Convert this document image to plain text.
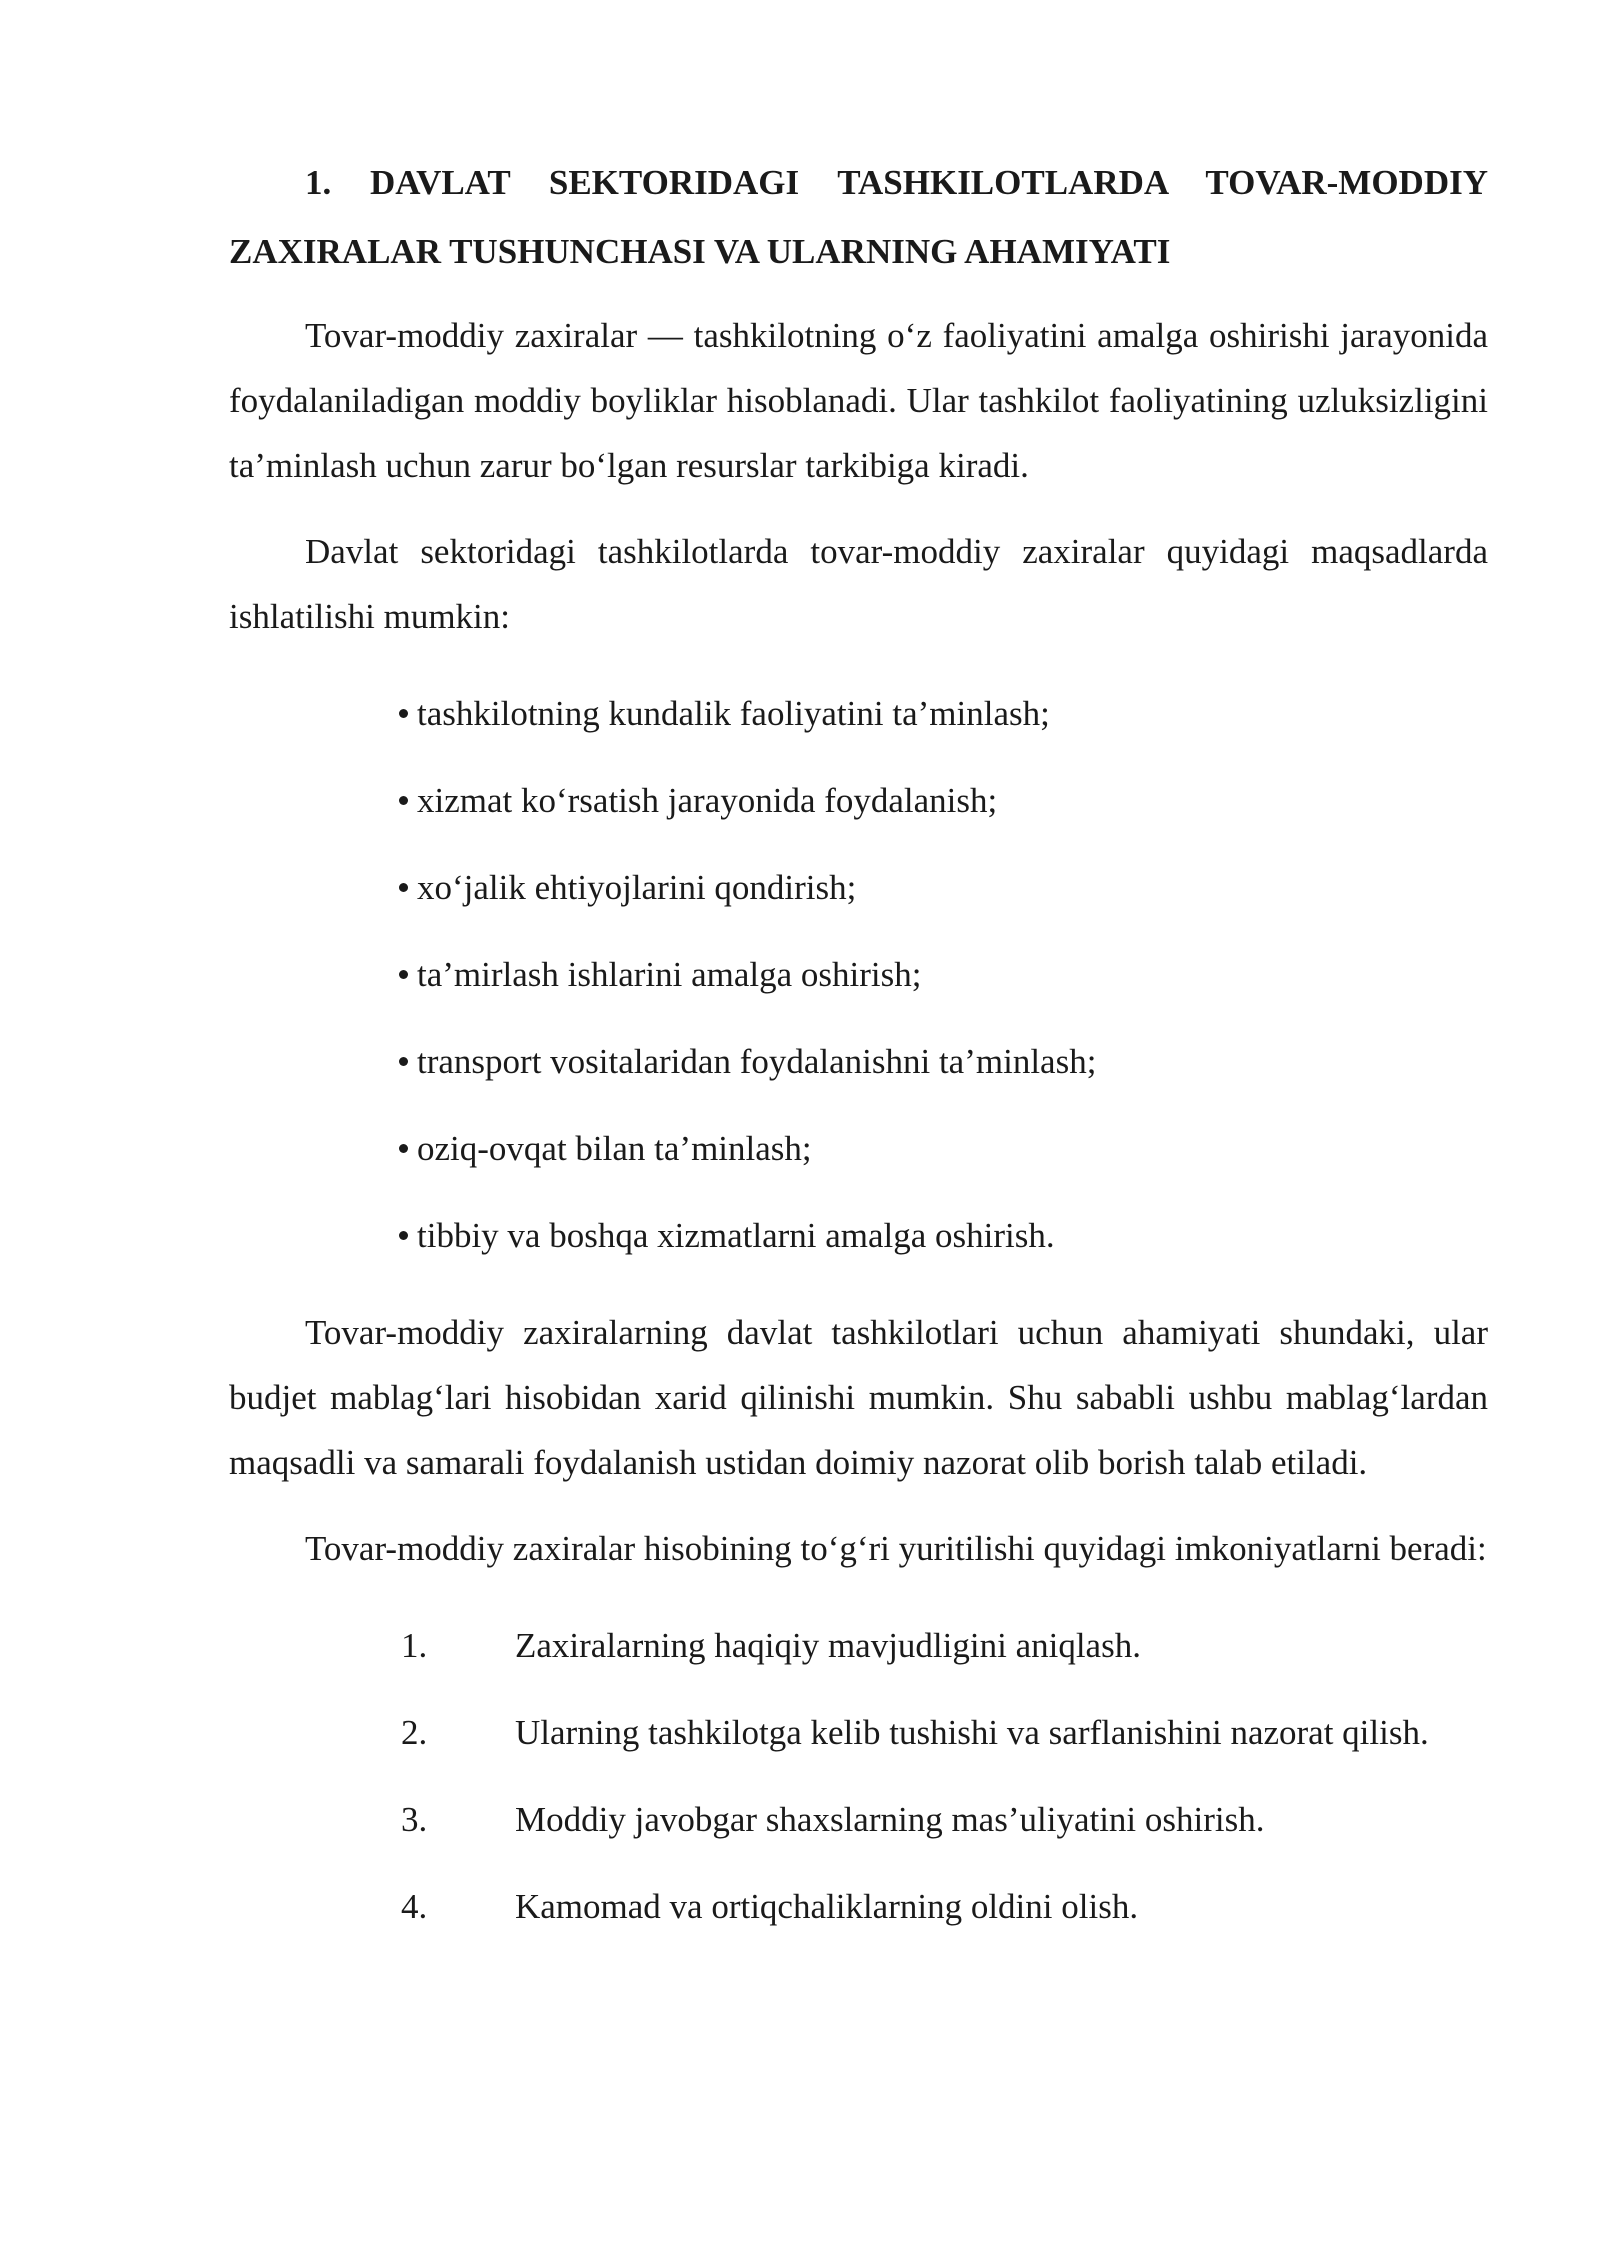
1. DAVLAT SEKTORIDAGI TASHKILOTLARDA TOVAR-MODDIY ZAXIRALAR TUSHUNCHASI VA ULARNING AHAMIYATI

Tovar-moddiy zaxiralar — tashkilotning o‘z faoliyatini amalga oshirishi jarayonida foydalaniladigan moddiy boyliklar hisoblanadi. Ular tashkilot faoliyatining uzluksizligini ta’minlash uchun zarur bo‘lgan resurslar tarkibiga kiradi.

Davlat sektoridagi tashkilotlarda tovar-moddiy zaxiralar quyidagi maqsadlarda ishlatilishi mumkin:

tashkilotning kundalik faoliyatini ta’minlash;
xizmat ko‘rsatish jarayonida foydalanish;
xo‘jalik ehtiyojlarini qondirish;
ta’mirlash ishlarini amalga oshirish;
transport vositalaridan foydalanishni ta’minlash;
oziq-ovqat bilan ta’minlash;
tibbiy va boshqa xizmatlarni amalga oshirish.

Tovar-moddiy zaxiralarning davlat tashkilotlari uchun ahamiyati shundaki, ular budjet mablag‘lari hisobidan xarid qilinishi mumkin. Shu sababli ushbu mablag‘lardan maqsadli va samarali foydalanish ustidan doimiy nazorat olib borish talab etiladi.

Tovar-moddiy zaxiralar hisobining to‘g‘ri yuritilishi quyidagi imkoniyatlarni beradi:

1.	Zaxiralarning haqiqiy mavjudligini aniqlash.
2.	Ularning tashkilotga kelib tushishi va sarflanishini nazorat qilish.
3.	Moddiy javobgar shaxslarning mas’uliyatini oshirish.
4.	Kamomad va ortiqchaliklarning oldini olish.
